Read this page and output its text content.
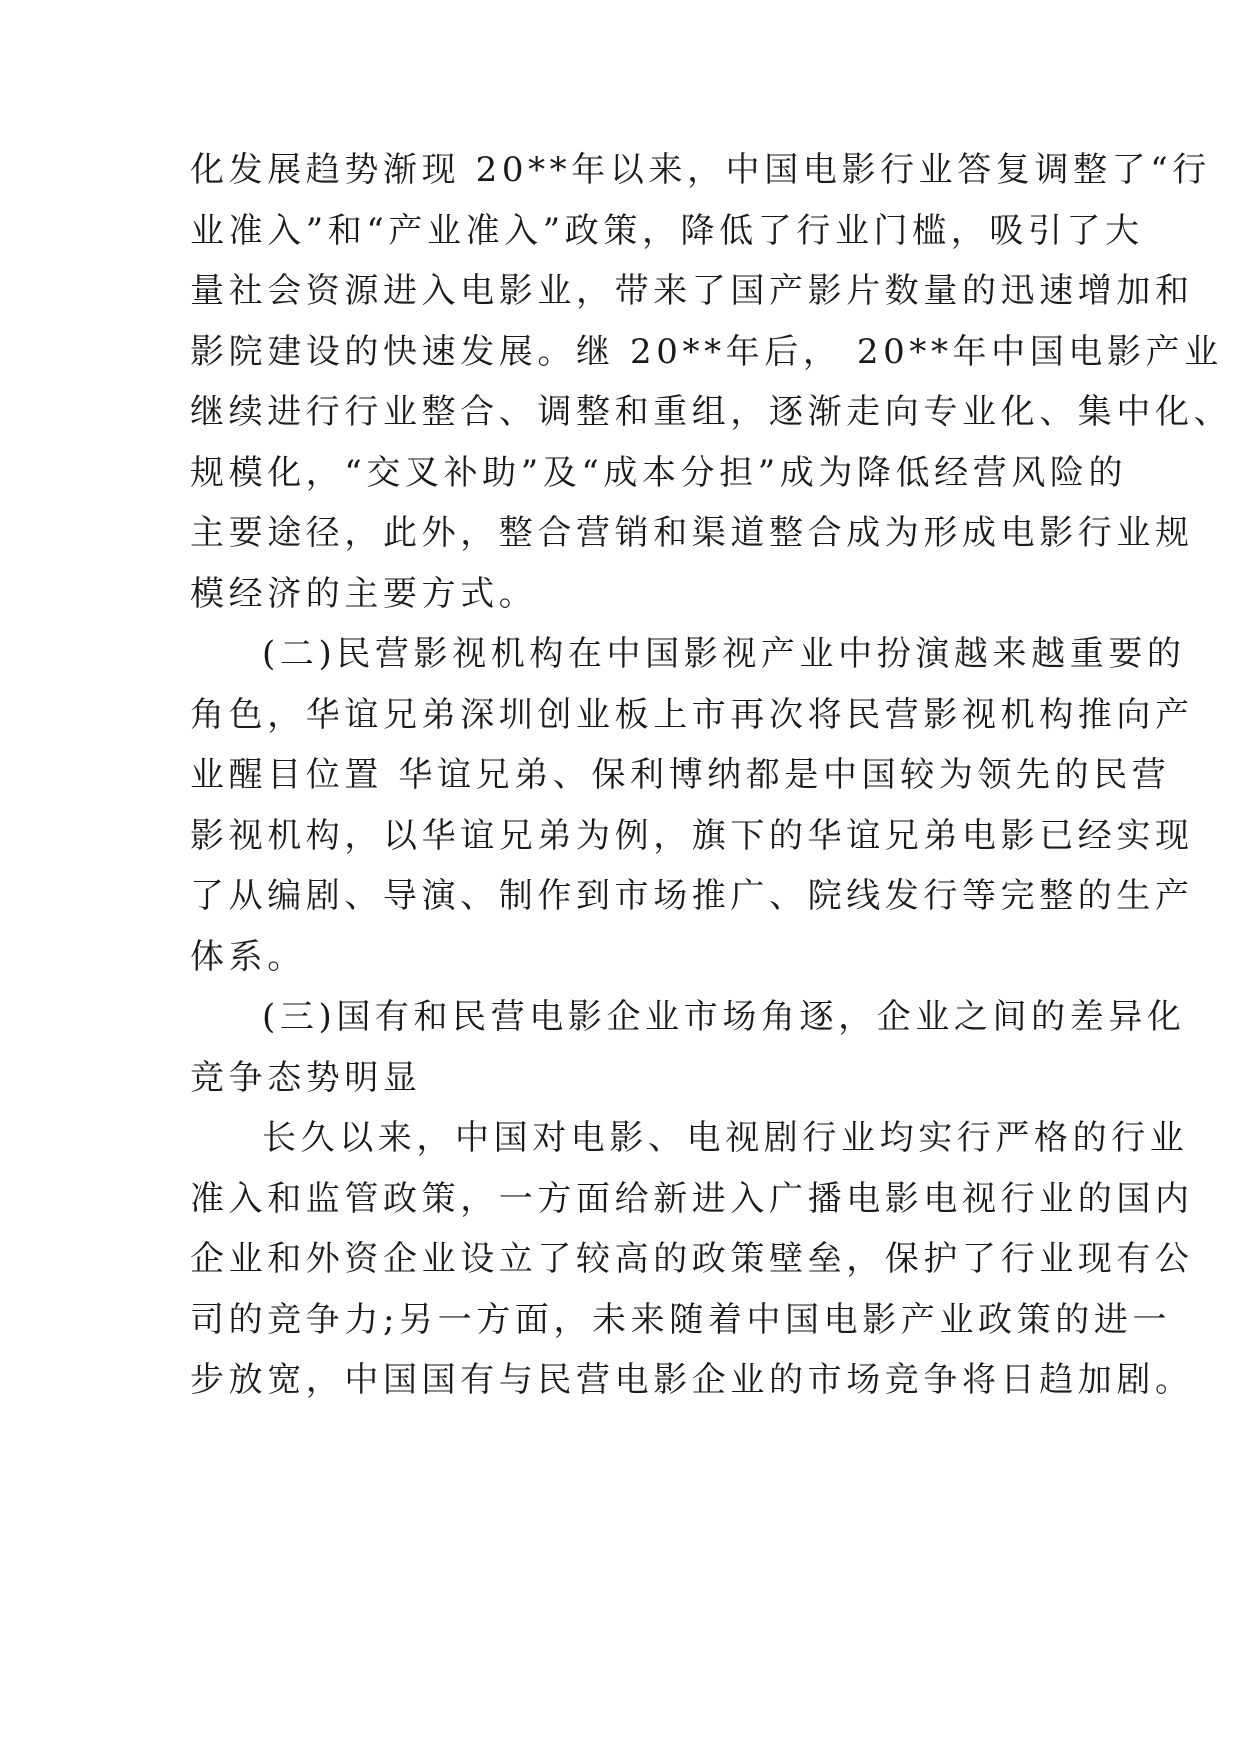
化发展趋势渐现 20**年以来，中国电影行业答复调整了“行
业准入”和“产业准入”政策，降低了行业门槛，吸引了大
量社会资源进入电影业，带来了国产影片数量的迅速增加和
影院建设的快速发展。继 20**年后， 20**年中国电影产业
继续进行行业整合、调整和重组，逐渐走向专业化、集中化、
规模化，“交叉补助”及“成本分担”成为降低经营风险的
主要途径，此外，整合营销和渠道整合成为形成电影行业规
模经济的主要方式。
(二)民营影视机构在中国影视产业中扮演越来越重要的
角色，华谊兄弟深圳创业板上市再次将民营影视机构推向产
业醒目位置 华谊兄弟、保利博纳都是中国较为领先的民营
影视机构，以华谊兄弟为例，旗下的华谊兄弟电影已经实现
了从编剧、导演、制作到市场推广、院线发行等完整的生产
体系。
(三)国有和民营电影企业市场角逐，企业之间的差异化
竞争态势明显
长久以来，中国对电影、电视剧行业均实行严格的行业
准入和监管政策，一方面给新进入广播电影电视行业的国内
企业和外资企业设立了较高的政策壁垒，保护了行业现有公
司的竞争力;另一方面，未来随着中国电影产业政策的进一
步放宽，中国国有与民营电影企业的市场竞争将日趋加剧。
